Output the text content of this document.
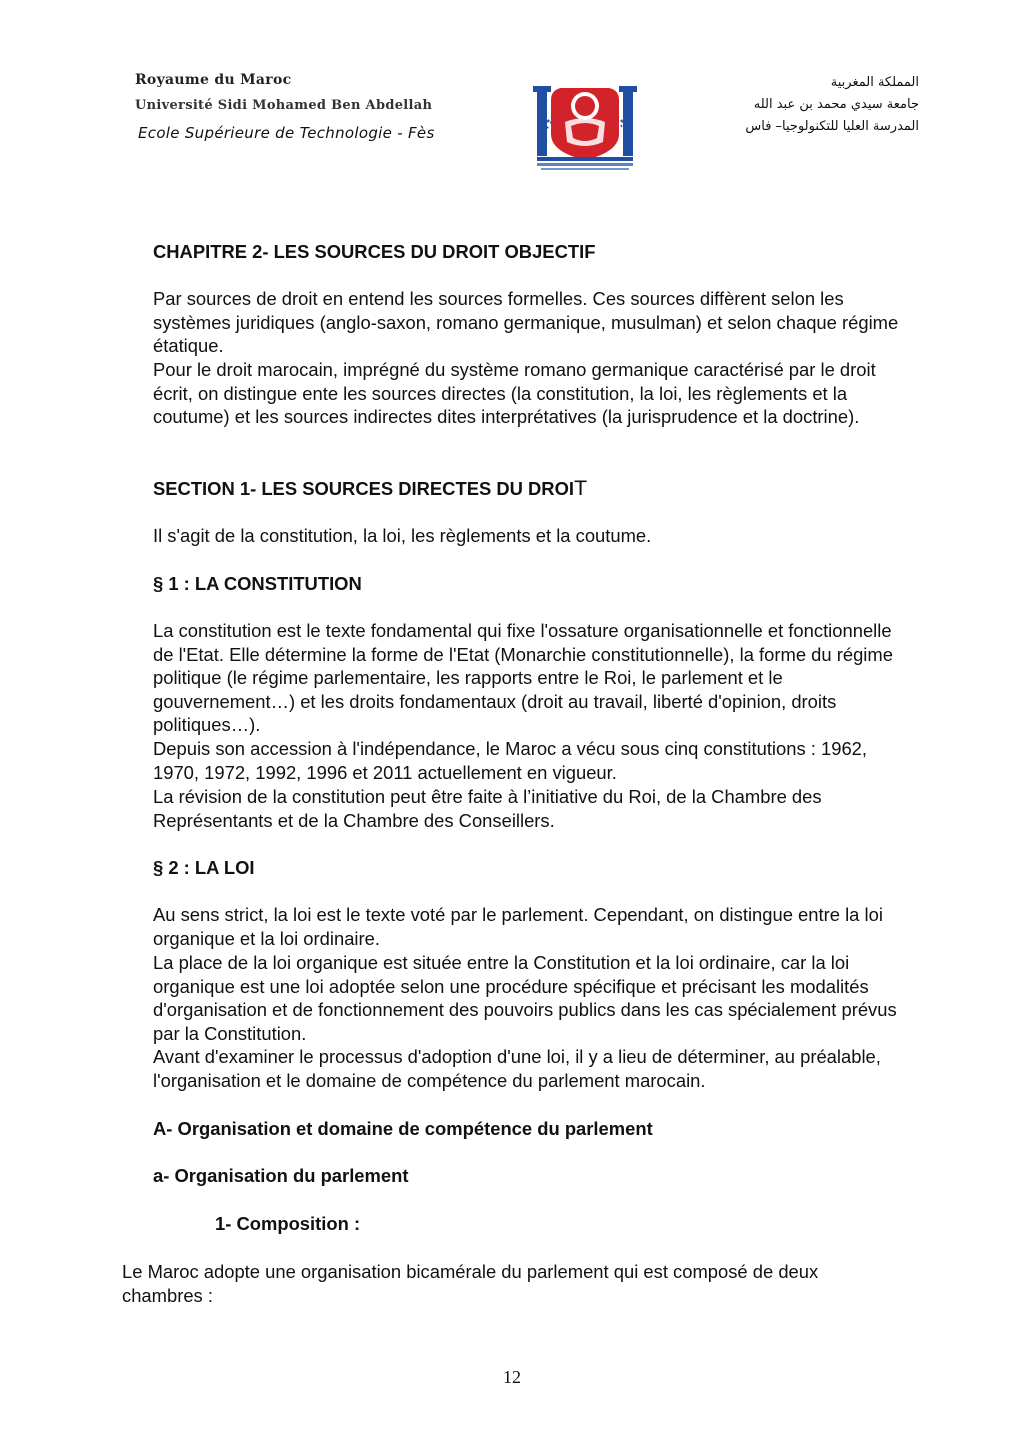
Royaume du Maroc
Université Sidi Mohamed Ben Abdellah
Ecole Supérieure de Technologie - Fès
المملكة المغربية
جامعة سيدي محمد بن عبد الله
المدرسة العليا للتكنولوجيا– فاس
CHAPITRE 2- LES SOURCES DU DROIT OBJECTIF

Par sources de droit en entend les sources formelles. Ces sources diffèrent selon les systèmes juridiques (anglo-saxon, romano germanique, musulman) et selon chaque régime étatique.

Pour le droit marocain, imprégné du système romano germanique caractérisé par le droit écrit, on distingue ente les sources directes (la constitution, la loi, les règlements et la coutume) et les sources indirectes dites interprétatives (la jurisprudence et la doctrine).

SECTION 1- LES SOURCES DIRECTES DU DROIT

Il s'agit de la constitution, la loi, les règlements et la coutume.

§ 1 : LA CONSTITUTION

La constitution est le texte fondamental qui fixe l'ossature organisationnelle et fonctionnelle de l'Etat. Elle détermine la forme de l'Etat (Monarchie constitutionnelle), la forme du régime politique (le régime parlementaire, les rapports entre le Roi, le parlement et le gouvernement…) et les droits fondamentaux (droit au travail, liberté d'opinion, droits politiques…).

Depuis son accession à l'indépendance, le Maroc a vécu sous cinq constitutions : 1962, 1970, 1972, 1992, 1996 et 2011 actuellement en vigueur.

La révision de la constitution peut être faite à l’initiative du Roi, de la Chambre des Représentants et de la Chambre des Conseillers.

§ 2 : LA LOI

Au sens strict, la loi est le texte voté par le parlement. Cependant, on distingue entre la loi organique et la loi ordinaire.

La place de la loi organique est située entre la Constitution et la loi ordinaire, car la loi organique est une loi adoptée selon une procédure spécifique et précisant les modalités d'organisation et de fonctionnement des pouvoirs publics dans les cas spécialement prévus par la Constitution.

Avant d'examiner le processus d'adoption d'une loi, il y a lieu de déterminer, au préalable, l'organisation et le domaine de compétence du parlement marocain.

A- Organisation et domaine de compétence du parlement
a- Organisation du parlement
1- Composition :

Le Maroc adopte une organisation bicamérale du parlement qui est composé de deux chambres :

12
